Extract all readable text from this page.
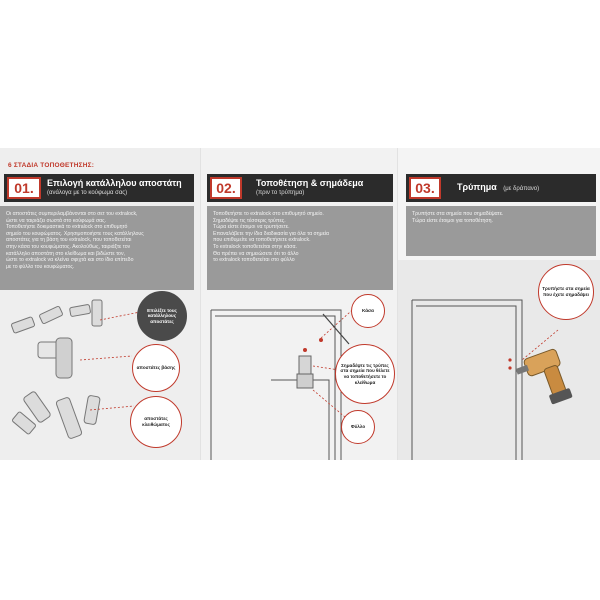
6 ΣΤΑΔΙΑ ΤΟΠΟΘΕΤΗΣΗΣ:
01.	Επιλογή κατάλληλου αποστάτη
(ανάλογα με το κούφωμα σας)
Οι αποστάτες συμπεριλαμβάνονται στο σετ του extralock,
ώστε να ταιριάζει σωστά στο κούφωμά σας.
Τοποθετήστε δοκιμαστικά το extralock στο επιθυμητό
σημείο του κουφώματος. Χρησιμοποιήστε τους κατάλληλους
αποστάτες για τη βάση του extralock, που τοποθετείται
στην κάσα του κουφώματος. Ακολούθως, ταιριάξτε τον
κατάλληλο αποστάτη στο κλείθωμα και βιδώστε τον,
ώστε το extralock να κλείνει σφιχτά και στο ίδιο επίπεδο
με το φύλλο του κουφώματος.
Επιλέξτε τους κατάλληλους αποστάτες
αποστάτες βάσης
αποστάτες κλειθώματος
02.	Τοποθέτηση & σημάδεμα
(πριν το τρύπημα)
Τοποθετήστε το extralock στο επιθυμητό σημείο.
Σημαδέψτε τις τέσσερις τρύπες.
Τώρα είστε έτοιμοι να τρυπήσετε.
Επαναλάβετε την ίδια διαδικασία για όλα τα σημεία
που επιθυμείτε να τοποθετήσετε extralock.
Το extralock τοποθετείται στην κάσα.
Θα πρέπει να σημειώσετε ότι το άλλο
το extralock τοποθετείται στο φύλλο
Κάσα
Σημαδέψτε τις τρύπες στα σημεία που θέλετε να τοποθετήσετε το κλείθωμα
Φύλλο
03.	Τρύπημα (με δράπανο)
Τρυπήστε στα σημεία που σημαδέψατε.
Τώρα είστε έτοιμοι για τοποθέτηση.
Τρυπήστε στα σημεία που έχετε σημαδέψει
